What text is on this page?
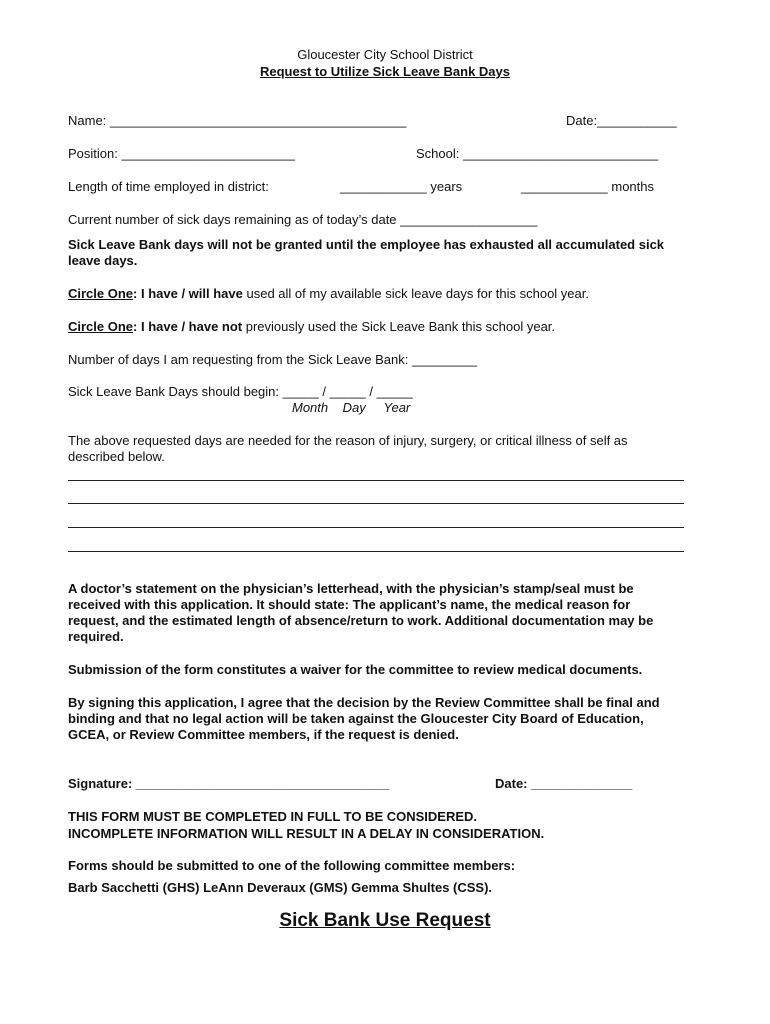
Gloucester City School District
Request to Utilize Sick Leave Bank Days
Name: _________________________________________	Date:___________
Position: ________________________	School: ___________________________
Length of time employed in district:	____________ years	____________ months
Current number of sick days remaining as of today’s date ___________________
Sick Leave Bank days will not be granted until the employee has exhausted all accumulated sick leave days.
Circle One: I have / will have used all of my available sick leave days for this school year.
Circle One: I have / have not previously used the Sick Leave Bank this school year.
Number of days I am requesting from the Sick Leave Bank: _________
Sick Leave Bank Days should begin: _____ / _____ / _____
Month    Day     Year
The above requested days are needed for the reason of injury, surgery, or critical illness of self as described below.
A doctor’s statement on the physician’s letterhead, with the physician’s stamp/seal must be received with this application. It should state: The applicant’s name, the medical reason for request, and the estimated length of absence/return to work. Additional documentation may be required.
Submission of the form constitutes a waiver for the committee to review medical documents.
By signing this application, I agree that the decision by the Review Committee shall be final and binding and that no legal action will be taken against the Gloucester City Board of Education, GCEA, or Review Committee members, if the request is denied.
Signature: ___________________________________	Date: ______________
THIS FORM MUST BE COMPLETED IN FULL TO BE CONSIDERED.
INCOMPLETE INFORMATION WILL RESULT IN A DELAY IN CONSIDERATION.
Forms should be submitted to one of the following committee members:
Barb Sacchetti (GHS) LeAnn Deveraux (GMS) Gemma Shultes (CSS).
Sick Bank Use Request
